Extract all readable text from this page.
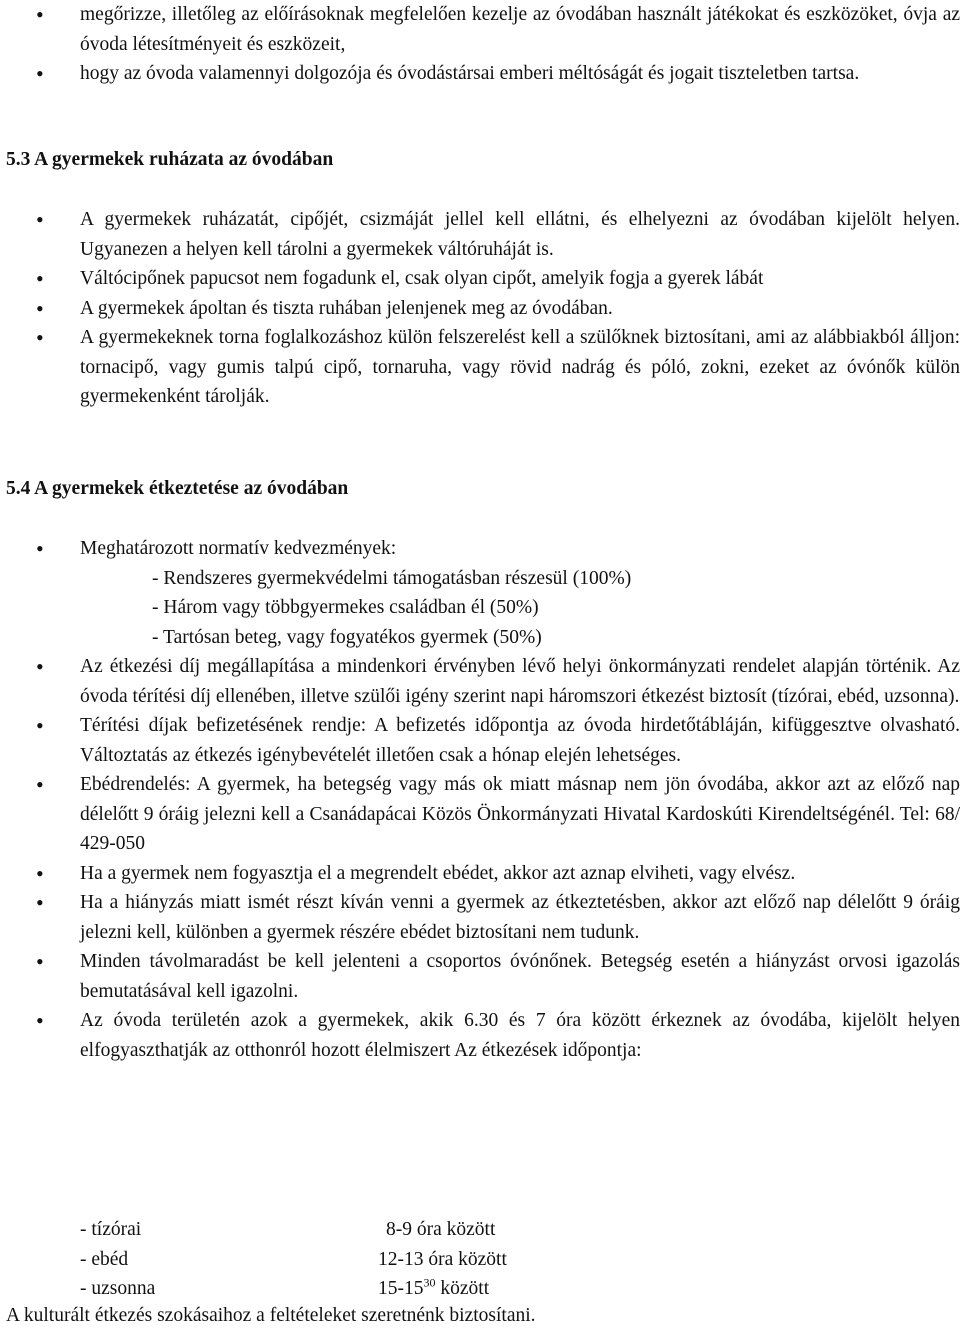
• megőrizze, illetőleg az előírásoknak megfelelően kezelje az óvodában használt játékokat és eszközöket, óvja az óvoda létesítményeit és eszközeit,
• hogy az óvoda valamennyi dolgozója és óvodástársai emberi méltóságát és jogait tiszteletben tartsa.
5.3 A gyermekek ruházata az óvodában
• A gyermekek ruházatát, cipőjét, csizmáját jellel kell ellátni, és elhelyezni az óvodában kijelölt helyen. Ugyanezen a helyen kell tárolni a gyermekek váltóruháját is.
• Váltócipőnek papucsot nem fogadunk el, csak olyan cipőt, amelyik fogja a gyerek lábát
• A gyermekek ápoltan és tiszta ruhában jelenjenek meg az óvodában.
• A gyermekeknek torna foglalkozáshoz külön felszerelést kell a szülőknek biztosítani, ami az alábbiakból álljon: tornacipő, vagy gumis talpú cipő, tornaruha, vagy rövid nadrág és póló, zokni, ezeket az óvónők külön gyermekenként tárolják.
5.4 A gyermekek étkeztetése az óvodában
• Meghatározott normatív kedvezmények:
- Rendszeres gyermekvédelmi támogatásban részesül (100%)
- Három vagy többgyermekes családban él (50%)
- Tartósan beteg, vagy fogyatékos gyermek (50%)
• Az étkezési díj megállapítása a mindenkori érvényben lévő helyi önkormányzati rendelet alapján történik. Az óvoda térítési díj ellenében, illetve szülői igény szerint napi háromszori étkezést biztosít (tízórai, ebéd, uzsonna).
• Térítési díjak befizetésének rendje: A befizetés időpontja az óvoda hirdetőtábláján, kifüggesztve olvasható. Változtatás az étkezés igénybevételét illetően csak a hónap elején lehetséges.
• Ebédrendelés: A gyermek, ha betegség vagy más ok miatt másnap nem jön óvodába, akkor azt az előző nap délelőtt 9 óráig jelezni kell a Csanádapácai Közös Önkormányzati Hivatal Kardoskúti Kirendeltségénél. Tel: 68/ 429-050
• Ha a gyermek nem fogyasztja el a megrendelt ebédet, akkor azt aznap elviheti, vagy elvész.
• Ha a hiányzás miatt ismét részt kíván venni a gyermek az étkeztetésben, akkor azt előző nap délelőtt 9 óráig jelezni kell, különben a gyermek részére ebédet biztosítani nem tudunk.
• Minden távolmaradást be kell jelenteni a csoportos óvónőnek. Betegség esetén a hiányzást orvosi igazolás bemutatásával kell igazolni.
• Az óvoda területén azok a gyermekek, akik 6.30 és 7 óra között érkeznek az óvodába, kijelölt helyen elfogyaszthatják az otthonról hozott élelmiszert Az étkezések időpontja:
- tízórai	8-9 óra között
- ebéd	12-13 óra között
- uzsonna	$15-15^{30}$ között
A kulturált étkezés szokásaihoz a feltételeket szeretnénk biztosítani.
